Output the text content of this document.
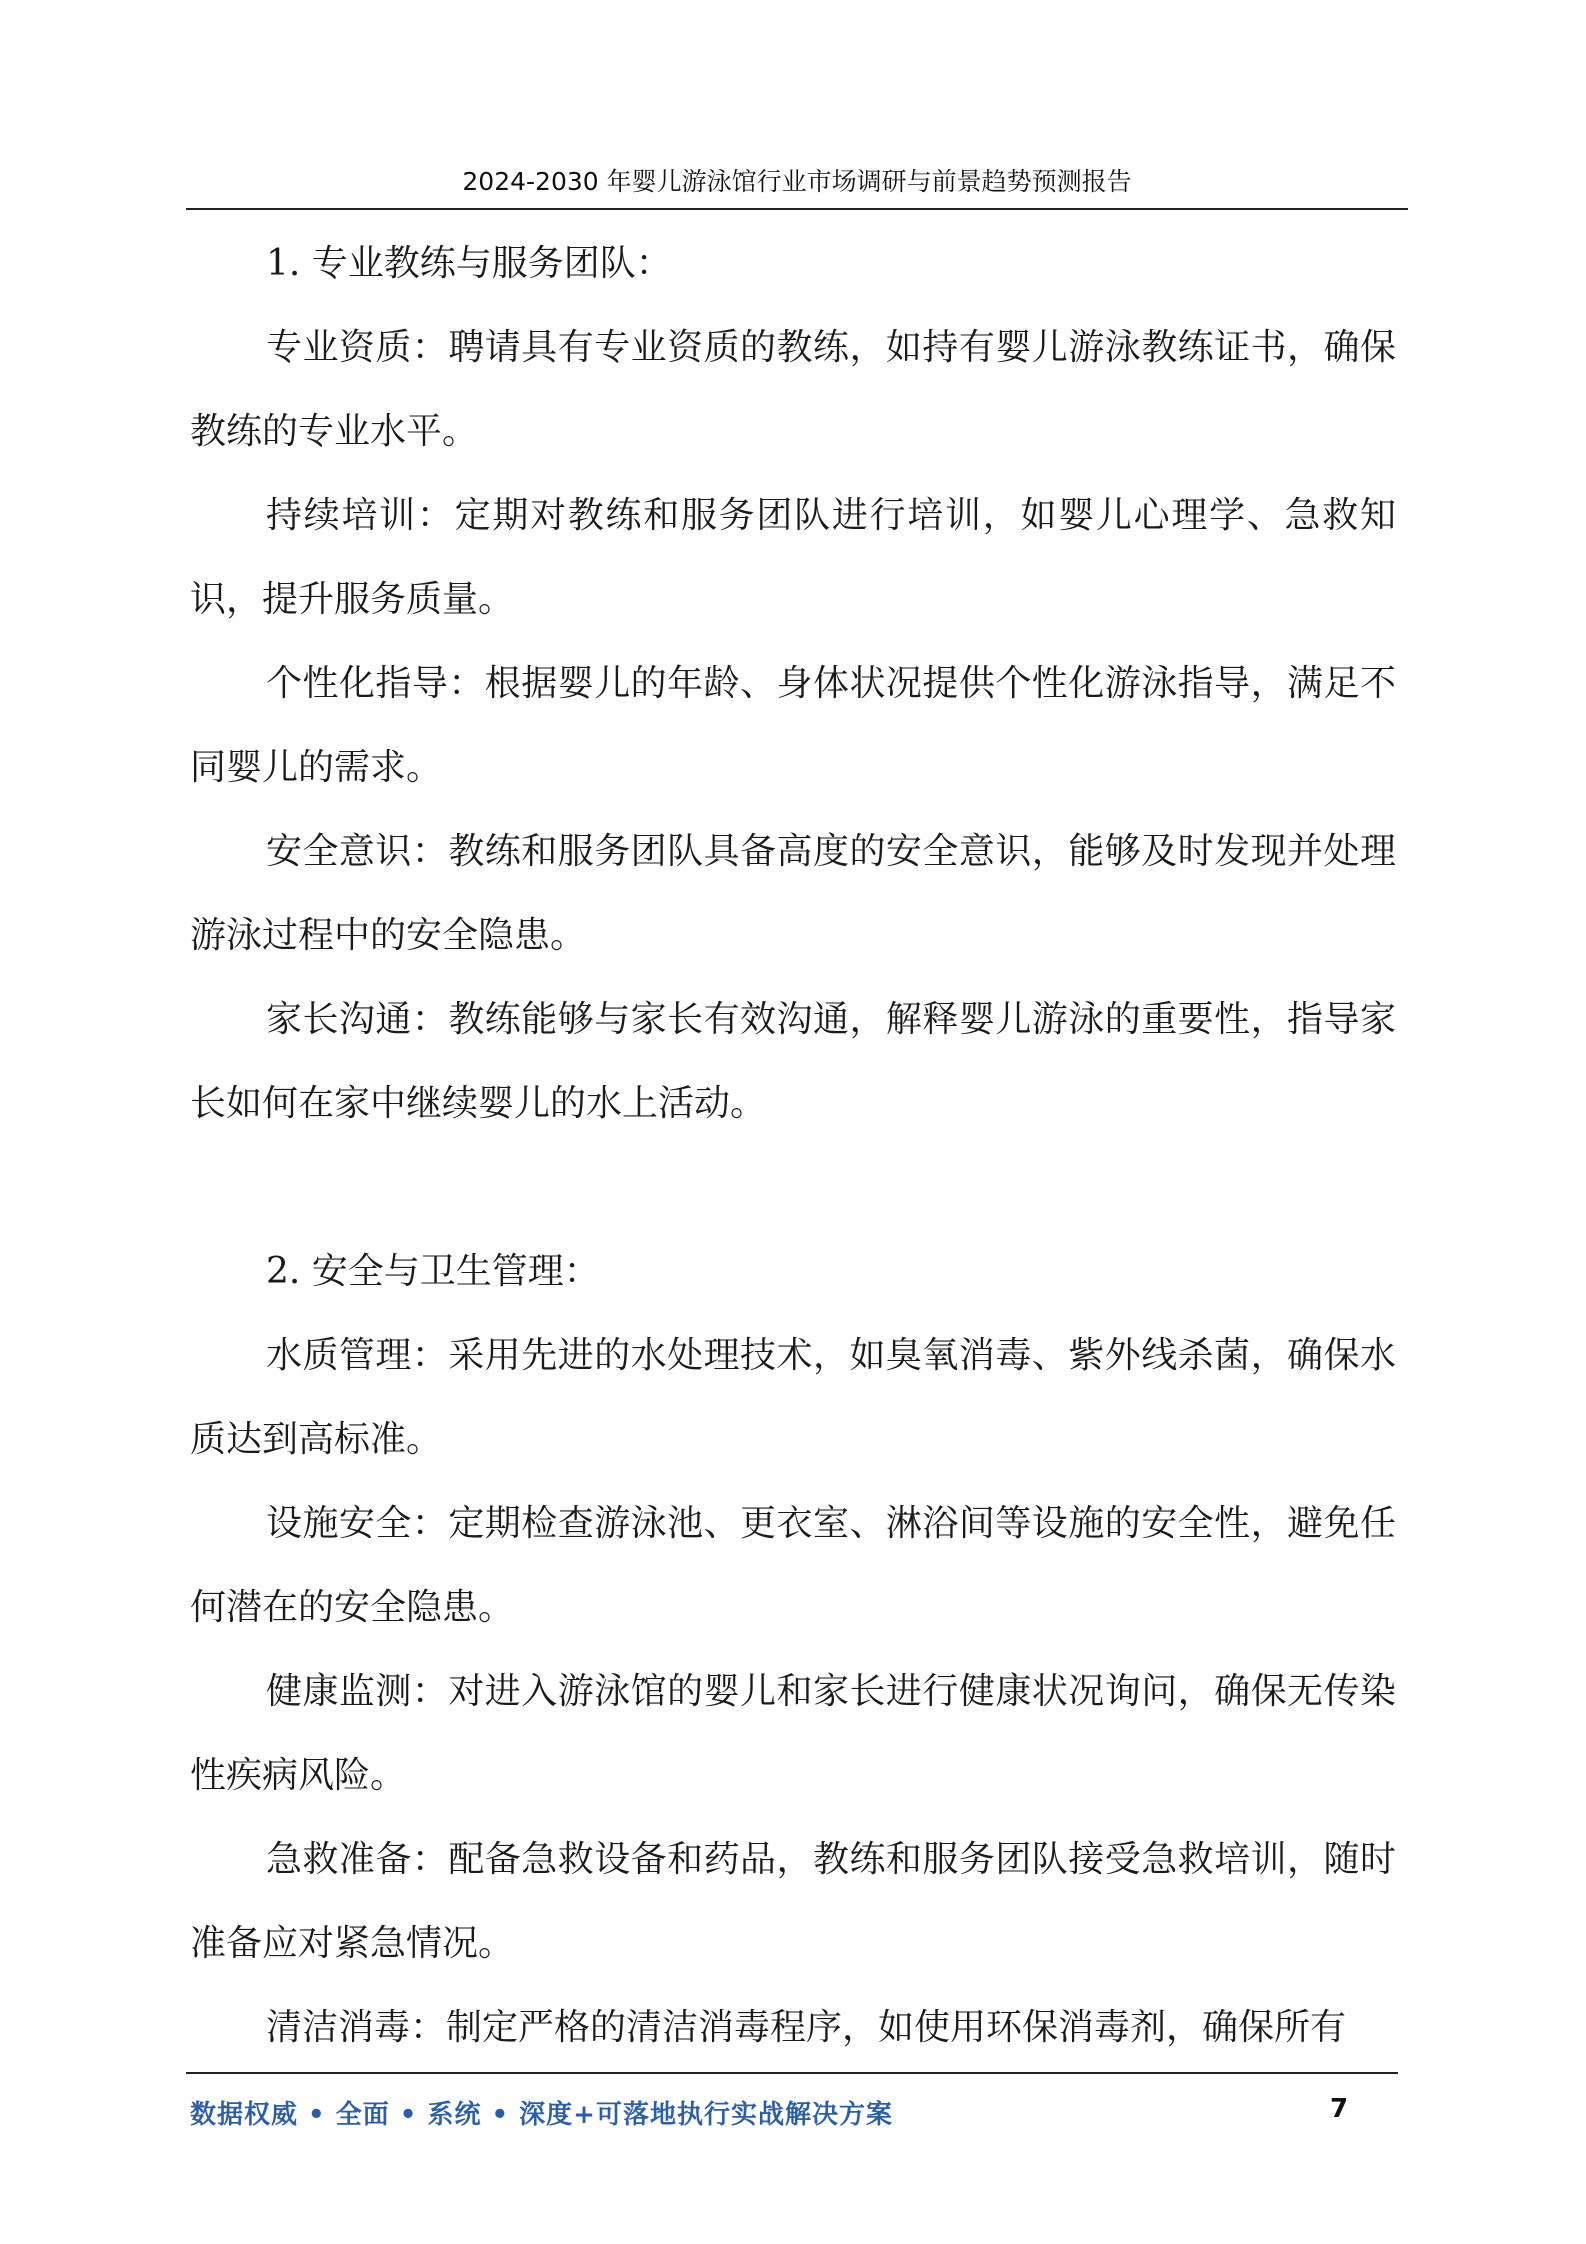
2024-2030 年婴儿游泳馆行业市场调研与前景趋势预测报告

1. 专业教练与服务团队：

专业资质：聘请具有专业资质的教练，如持有婴儿游泳教练证书，确保教练的专业水平。

持续培训：定期对教练和服务团队进行培训，如婴儿心理学、急救知识，提升服务质量。

个性化指导：根据婴儿的年龄、身体状况提供个性化游泳指导，满足不同婴儿的需求。

安全意识：教练和服务团队具备高度的安全意识，能够及时发现并处理游泳过程中的安全隐患。

家长沟通：教练能够与家长有效沟通，解释婴儿游泳的重要性，指导家长如何在家中继续婴儿的水上活动。

2. 安全与卫生管理：

水质管理：采用先进的水处理技术，如臭氧消毒、紫外线杀菌，确保水质达到高标准。

设施安全：定期检查游泳池、更衣室、淋浴间等设施的安全性，避免任何潜在的安全隐患。

健康监测：对进入游泳馆的婴儿和家长进行健康状况询问，确保无传染性疾病风险。

急救准备：配备急救设备和药品，教练和服务团队接受急救培训，随时准备应对紧急情况。

清洁消毒：制定严格的清洁消毒程序，如使用环保消毒剂，确保所有

数据权威 • 全面 • 系统 • 深度+可落地执行实战解决方案	7
